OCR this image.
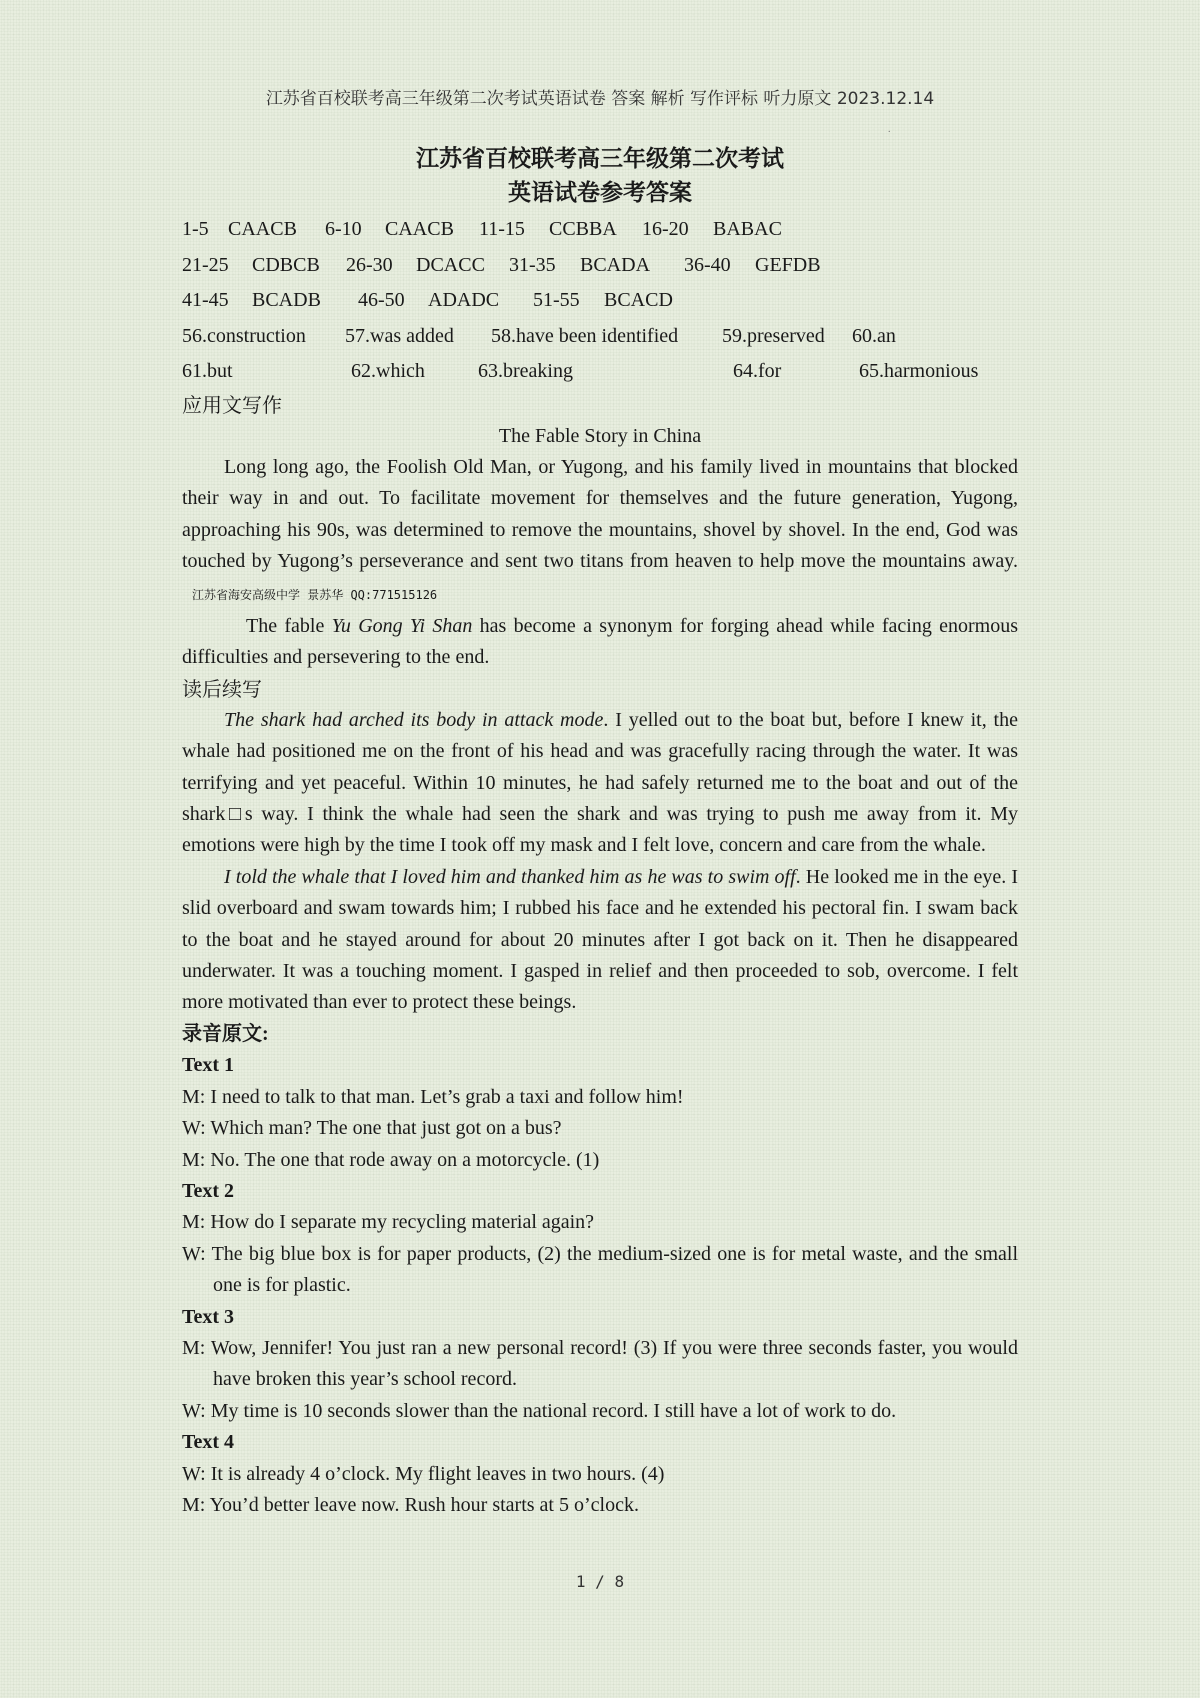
江苏省百校联考高三年级第二次考试英语试卷 答案 解析 写作评标 听力原文 2023.12.14
.
江苏省百校联考高三年级第二次考试
英语试卷参考答案
1-5 CAACB 6-10 CAACB 11-15 CCBBA 16-20 BABAC
21-25 CDBCB 26-30 DCACC 31-35 BCADA 36-40 GEFDB
41-45 BCADB 46-50 ADADC 51-55 BCACD
56.construction 57.was added 58.have been identified 59.preserved 60.an
61.but	62.which	63.breaking	64.for	65.harmonious
应用文写作
The Fable Story in China

Long long ago, the Foolish Old Man, or Yugong, and his family lived in mountains that blocked their way in and out. To facilitate movement for themselves and the future generation, Yugong, approaching his 90s, was determined to remove the mountains, shovel by shovel. In the end, God was touched by Yugong’s perseverance and sent two titans from heaven to help move the mountains away.江苏省海安高级中学 景苏华 QQ:771515126

The fable Yu Gong Yi Shan has become a synonym for forging ahead while facing enormous difficulties and persevering to the end.

读后续写

The shark had arched its body in attack mode. I yelled out to the boat but, before I knew it, the whale had positioned me on the front of his head and was gracefully racing through the water. It was terrifying and yet peaceful. Within 10 minutes, he had safely returned me to the boat and out of the shark□s way. I think the whale had seen the shark and was trying to push me away from it. My emotions were high by the time I took off my mask and I felt love, concern and care from the whale.

I told the whale that I loved him and thanked him as he was to swim off. He looked me in the eye. I slid overboard and swam towards him; I rubbed his face and he extended his pectoral fin. I swam back to the boat and he stayed around for about 20 minutes after I got back on it. Then he disappeared underwater. It was a touching moment. I gasped in relief and then proceeded to sob, overcome. I felt more motivated than ever to protect these beings.

录音原文:
Text 1
M: I need to talk to that man. Let’s grab a taxi and follow him!
W: Which man? The one that just got on a bus?
M: No. The one that rode away on a motorcycle. (1)
Text 2
M: How do I separate my recycling material again?
W: The big blue box is for paper products, (2) the medium-sized one is for metal waste, and the small one is for plastic.
Text 3
M: Wow, Jennifer! You just ran a new personal record! (3) If you were three seconds faster, you would have broken this year’s school record.
W: My time is 10 seconds slower than the national record. I still have a lot of work to do.
Text 4
W: It is already 4 o’clock. My flight leaves in two hours. (4)
M: You’d better leave now. Rush hour starts at 5 o’clock.
1 / 8
